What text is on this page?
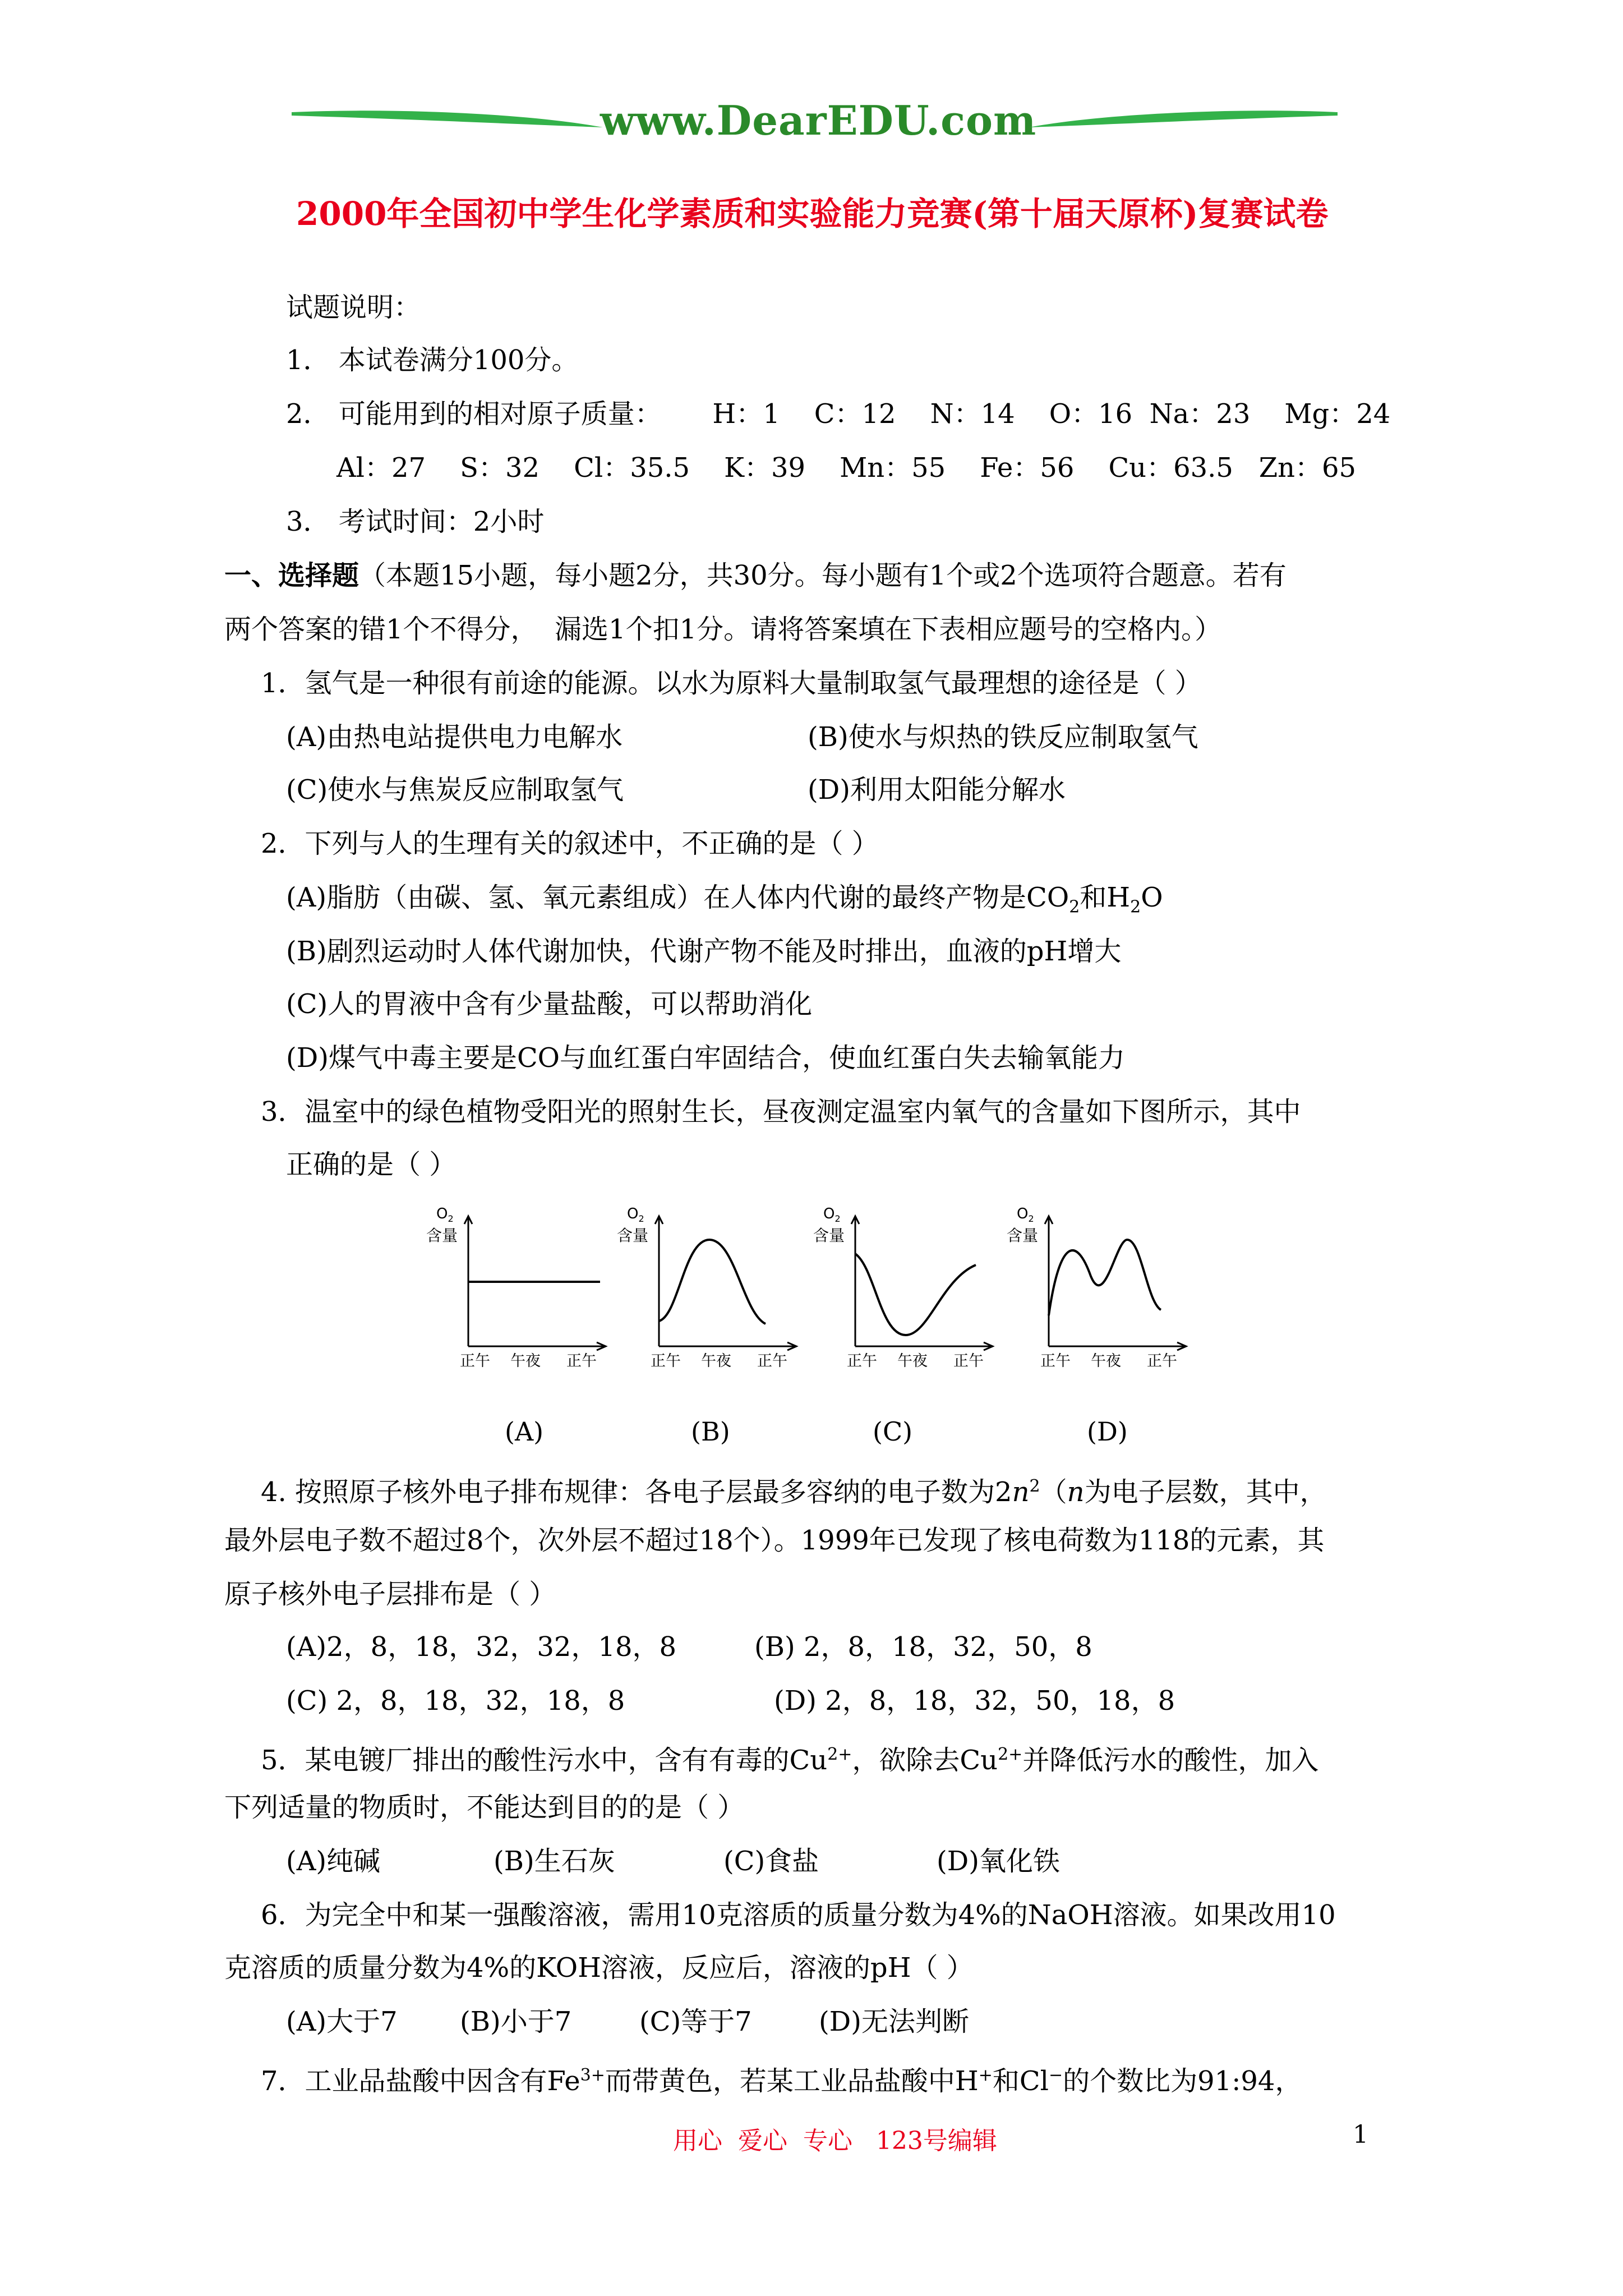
www.DearEDU.com
2000年全国初中学生化学素质和实验能力竞赛(第十届天原杯)复赛试卷
试题说明：
1． 本试卷满分100分。
2． 可能用到的相对原子质量： H：1    C：12    N：14    O：16  Na：23    Mg：24
Al：27    S：32    Cl：35.5    K：39    Mn：55    Fe：56    Cu：63.5   Zn：65
3． 考试时间：2小时
一、选择题（本题15小题，每小题2分，共30分。每小题有1个或2个选项符合题意。若有
两个答案的错1个不得分，  漏选1个扣1分。请将答案填在下表相应题号的空格内。）
1．氢气是一种很有前途的能源。以水为原料大量制取氢气最理想的途径是（ ）
(A)由热电站提供电力电解水	(B)使水与炽热的铁反应制取氢气
(C)使水与焦炭反应制取氢气	(D)利用太阳能分解水
2．下列与人的生理有关的叙述中，不正确的是（ ）
(A)脂肪（由碳、氢、氧元素组成）在人体内代谢的最终产物是$CO_2$和$H_2O$
(B)剧烈运动时人体代谢加快，代谢产物不能及时排出，血液的pH增大
(C)人的胃液中含有少量盐酸，可以帮助消化
(D)煤气中毒主要是CO与血红蛋白牢固结合，使血红蛋白失去输氧能力
3．温室中的绿色植物受阳光的照射生长，昼夜测定温室内氧气的含量如下图所示，其中
正确的是（ ）
$O_2$
含量
正午 午夜 正午
$O_2$
含量
正午 午夜 正午
$O_2$
含量
正午 午夜 正午
$O_2$
含量
正午 午夜 正午
(A)	(B)	(C)	(D)
4. 按照原子核外电子排布规律：各电子层最多容纳的电子数为$2n^2(n$为电子层数，其中，
最外层电子数不超过8个，次外层不超过18个）。1999年已发现了核电荷数为118的元素，其
原子核外电子层排布是（ ）
(A)2，8，18，32，32，18，8	(B) 2，8，18，32，50，8
(C) 2，8，18，32，18，8	(D) 2，8，18，32，50，18，8
5．某电镀厂排出的酸性污水中，含有有毒的$Cu^{2+}$，欲除去$Cu^{2+}$并降低污水的酸性，加入
下列适量的物质时，不能达到目的的是（ ）
(A)纯碱	(B)生石灰	(C)食盐	(D)氧化铁
6．为完全中和某一强酸溶液，需用10克溶质的质量分数为4%的NaOH溶液。如果改用10
克溶质的质量分数为4%的KOH溶液，反应后，溶液的pH（ ）
(A)大于7 (B)小于7	(C)等于7 (D)无法判断
7．工业品盐酸中因含有$Fe^{3+}$而带黄色，若某工业品盐酸中H+和Cl−的个数比为91:94，
用心  爱心  专心   123号编辑	1
